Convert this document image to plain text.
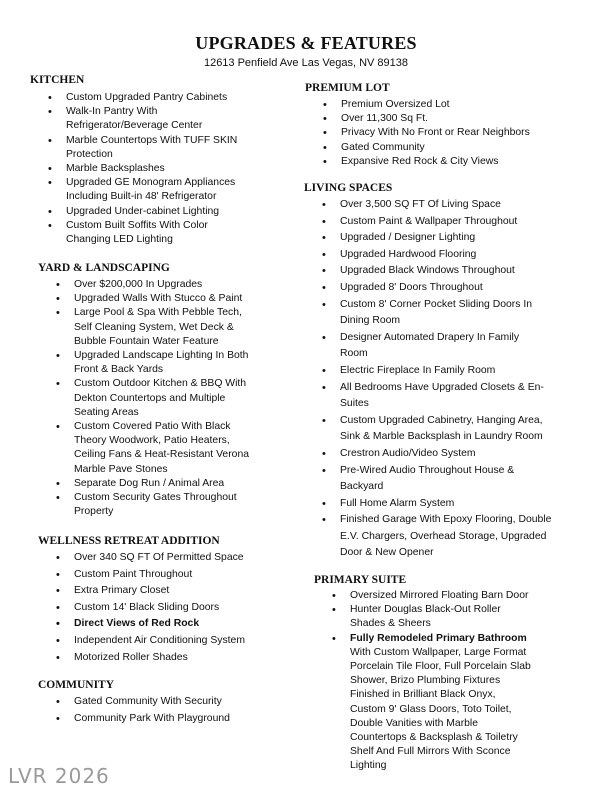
UPGRADES & FEATURES

12613 Penfield Ave Las Vegas, NV 89138

KITCHEN
• Custom Upgraded Pantry Cabinets
• Walk-In Pantry With
Refrigerator/Beverage Center
• Marble Countertops With TUFF SKIN
Protection
• Marble Backsplashes
• Upgraded GE Monogram Appliances
Including Built-in 48' Refrigerator
• Upgraded Under-cabinet Lighting
• Custom Built Soffits With Color
Changing LED Lighting
YARD & LANDSCAPING
• Over $200,000 In Upgrades
• Upgraded Walls With Stucco & Paint
• Large Pool & Spa With Pebble Tech,
Self Cleaning System, Wet Deck &
Bubble Fountain Water Feature
• Upgraded Landscape Lighting In Both
Front & Back Yards
• Custom Outdoor Kitchen & BBQ With
Dekton Countertops and Multiple
Seating Areas
• Custom Covered Patio With Black
Theory Woodwork, Patio Heaters,
Ceiling Fans & Heat-Resistant Verona
Marble Pave Stones
• Separate Dog Run / Animal Area
• Custom Security Gates Throughout
Property
WELLNESS RETREAT ADDITION
• Over 340 SQ FT Of Permitted Space
• Custom Paint Throughout
• Extra Primary Closet
• Custom 14' Black Sliding Doors
• Direct Views of Red Rock
• Independent Air Conditioning System
• Motorized Roller Shades
COMMUNITY
• Gated Community With Security
• Community Park With Playground
PREMIUM LOT
• Premium Oversized Lot
• Over 11,300 Sq Ft.
• Privacy With No Front or Rear Neighbors
• Gated Community
• Expansive Red Rock & City Views
LIVING SPACES
• Over 3,500 SQ FT Of Living Space
• Custom Paint & Wallpaper Throughout
• Upgraded / Designer Lighting
• Upgraded Hardwood Flooring
• Upgraded Black Windows Throughout
• Upgraded 8' Doors Throughout
• Custom 8' Corner Pocket Sliding Doors In
Dining Room
• Designer Automated Drapery In Family
Room
• Electric Fireplace In Family Room
• All Bedrooms Have Upgraded Closets & En-
Suites
• Custom Upgraded Cabinetry, Hanging Area,
Sink & Marble Backsplash in Laundry Room
• Crestron Audio/Video System
• Pre-Wired Audio Throughout House &
Backyard
• Full Home Alarm System
• Finished Garage With Epoxy Flooring, Double
E.V. Chargers, Overhead Storage, Upgraded
Door & New Opener
PRIMARY SUITE
• Oversized Mirrored Floating Barn Door
• Hunter Douglas Black-Out Roller
Shades & Sheers
• Fully Remodeled Primary Bathroom
With Custom Wallpaper, Large Format
Porcelain Tile Floor, Full Porcelain Slab
Shower, Brizo Plumbing Fixtures
Finished in Brilliant Black Onyx,
Custom 9' Glass Doors, Toto Toilet,
Double Vanities with Marble
Countertops & Backsplash & Toiletry
Shelf And Full Mirrors With Sconce
Lighting
LVR 2026
